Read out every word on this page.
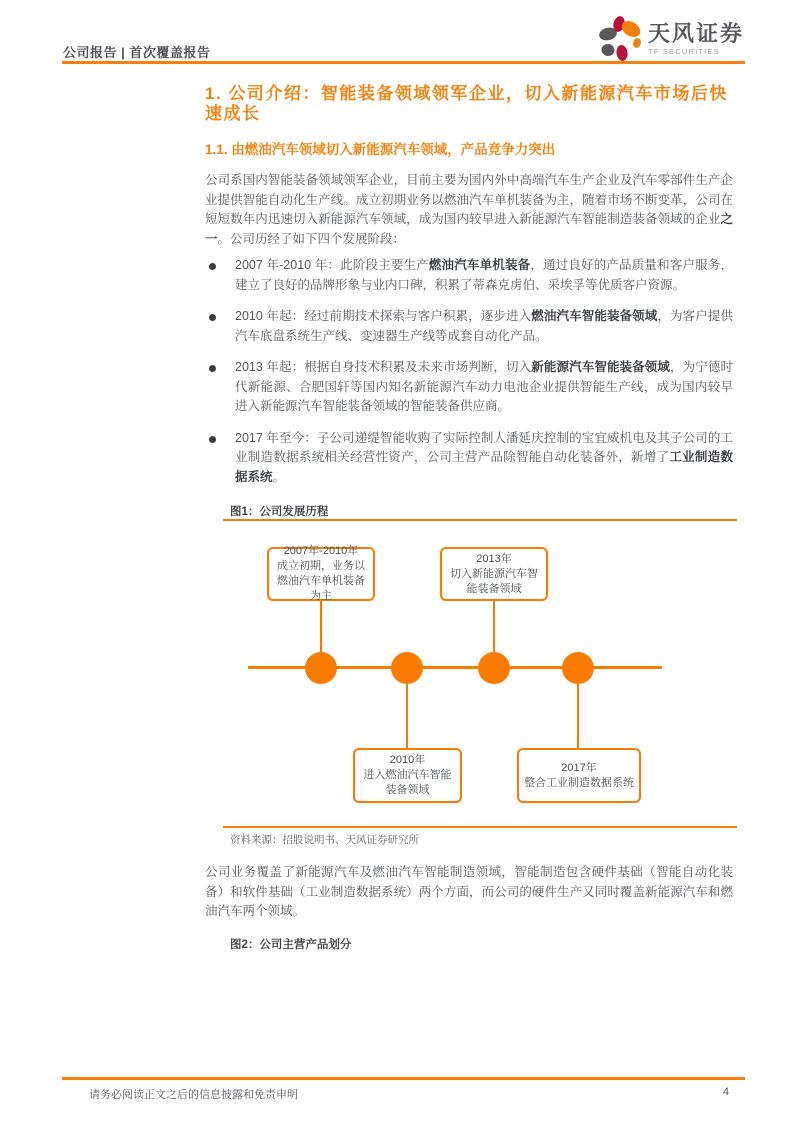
公司报告 | 首次覆盖报告
天风证券
TF SECURITIES
1. 公司介绍：智能装备领域领军企业，切入新能源汽车市场后快速成长
1.1. 由燃油汽车领域切入新能源汽车领域，产品竞争力突出

公司系国内智能装备领域领军企业，目前主要为国内外中高端汽车生产企业及汽车零部件生产企业提供智能自动化生产线。成立初期业务以燃油汽车单机装备为主，随着市场不断变革，公司在短短数年内迅速切入新能源汽车领域，成为国内较早进入新能源汽车智能制造装备领域的企业之一。公司历经了如下四个发展阶段：

2007 年-2010 年：此阶段主要生产燃油汽车单机装备，通过良好的产品质量和客户服务，建立了良好的品牌形象与业内口碑，积累了蒂森克虏伯、采埃孚等优质客户资源。
2010 年起：经过前期技术探索与客户积累，逐步进入燃油汽车智能装备领域，为客户提供汽车底盘系统生产线、变速器生产线等成套自动化产品。
2013 年起：根据自身技术积累及未来市场判断，切入新能源汽车智能装备领域，为宁德时代新能源、合肥国轩等国内知名新能源汽车动力电池企业提供智能生产线，成为国内较早进入新能源汽车智能装备领域的智能装备供应商。
2017 年至今：子公司递缇智能收购了实际控制人潘延庆控制的宝宜威机电及其子公司的工业制造数据系统相关经营性资产，公司主营产品除智能自动化装备外，新增了工业制造数据系统。
图1：公司发展历程
2007年-2010年
成立初期，业务以燃油汽车单机装备为主
2013年
切入新能源汽车智能装备领域
2010年
进入燃油汽车智能装备领域
2017年
整合工业制造数据系统
资料来源：招股说明书、天风证券研究所

公司业务覆盖了新能源汽车及燃油汽车智能制造领域，智能制造包含硬件基础（智能自动化装备）和软件基础（工业制造数据系统）两个方面，而公司的硬件生产又同时覆盖新能源汽车和燃油汽车两个领域。

图2：公司主营产品划分
请务必阅读正文之后的信息披露和免责申明	4
